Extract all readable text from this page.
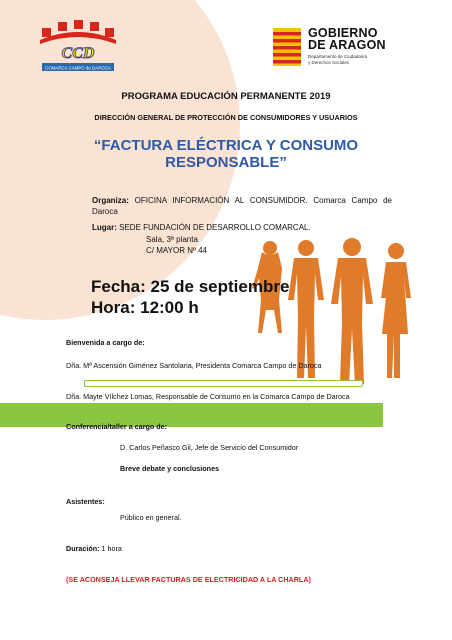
CCD
COMARCA CAMPO de DAROCA
GOBIERNO
DE ARAGON
Departamento de Ciudadanía
y Derechos Sociales
PROGRAMA EDUCACIÓN PERMANENTE 2019
DIRECCIÓN GENERAL DE PROTECCIÓN DE CONSUMIDORES Y USUARIOS
“FACTURA ELÉCTRICA Y CONSUMO
RESPONSABLE”
Organiza: OFICINA INFORMACIÓN AL CONSUMIDOR. Comarca Campo de Daroca
Lugar: SEDE FUNDACIÓN DE DESARROLLO COMARCAL.
Sala, 3ª planta
C/ MAYOR Nº 44
Fecha: 25 de septiembre
Hora: 12:00 h
Bienvenida a cargo de:
Dña. Mª Ascensión Giménez Santolaria, Presidenta Comarca Campo de Daroca
Dña. Mayte Vílchez Lomas, Responsable de Consumo en la Comarca Campo de Daroca
Conferencia/taller a cargo de:
D. Carlos Peñasco Gil, Jefe de Servicio del Consumidor
Breve debate y conclusiones
Asistentes:
Público en general.
Duración: 1 hora
(SE ACONSEJA LLEVAR FACTURAS DE ELECTRICIDAD A LA CHARLA)
